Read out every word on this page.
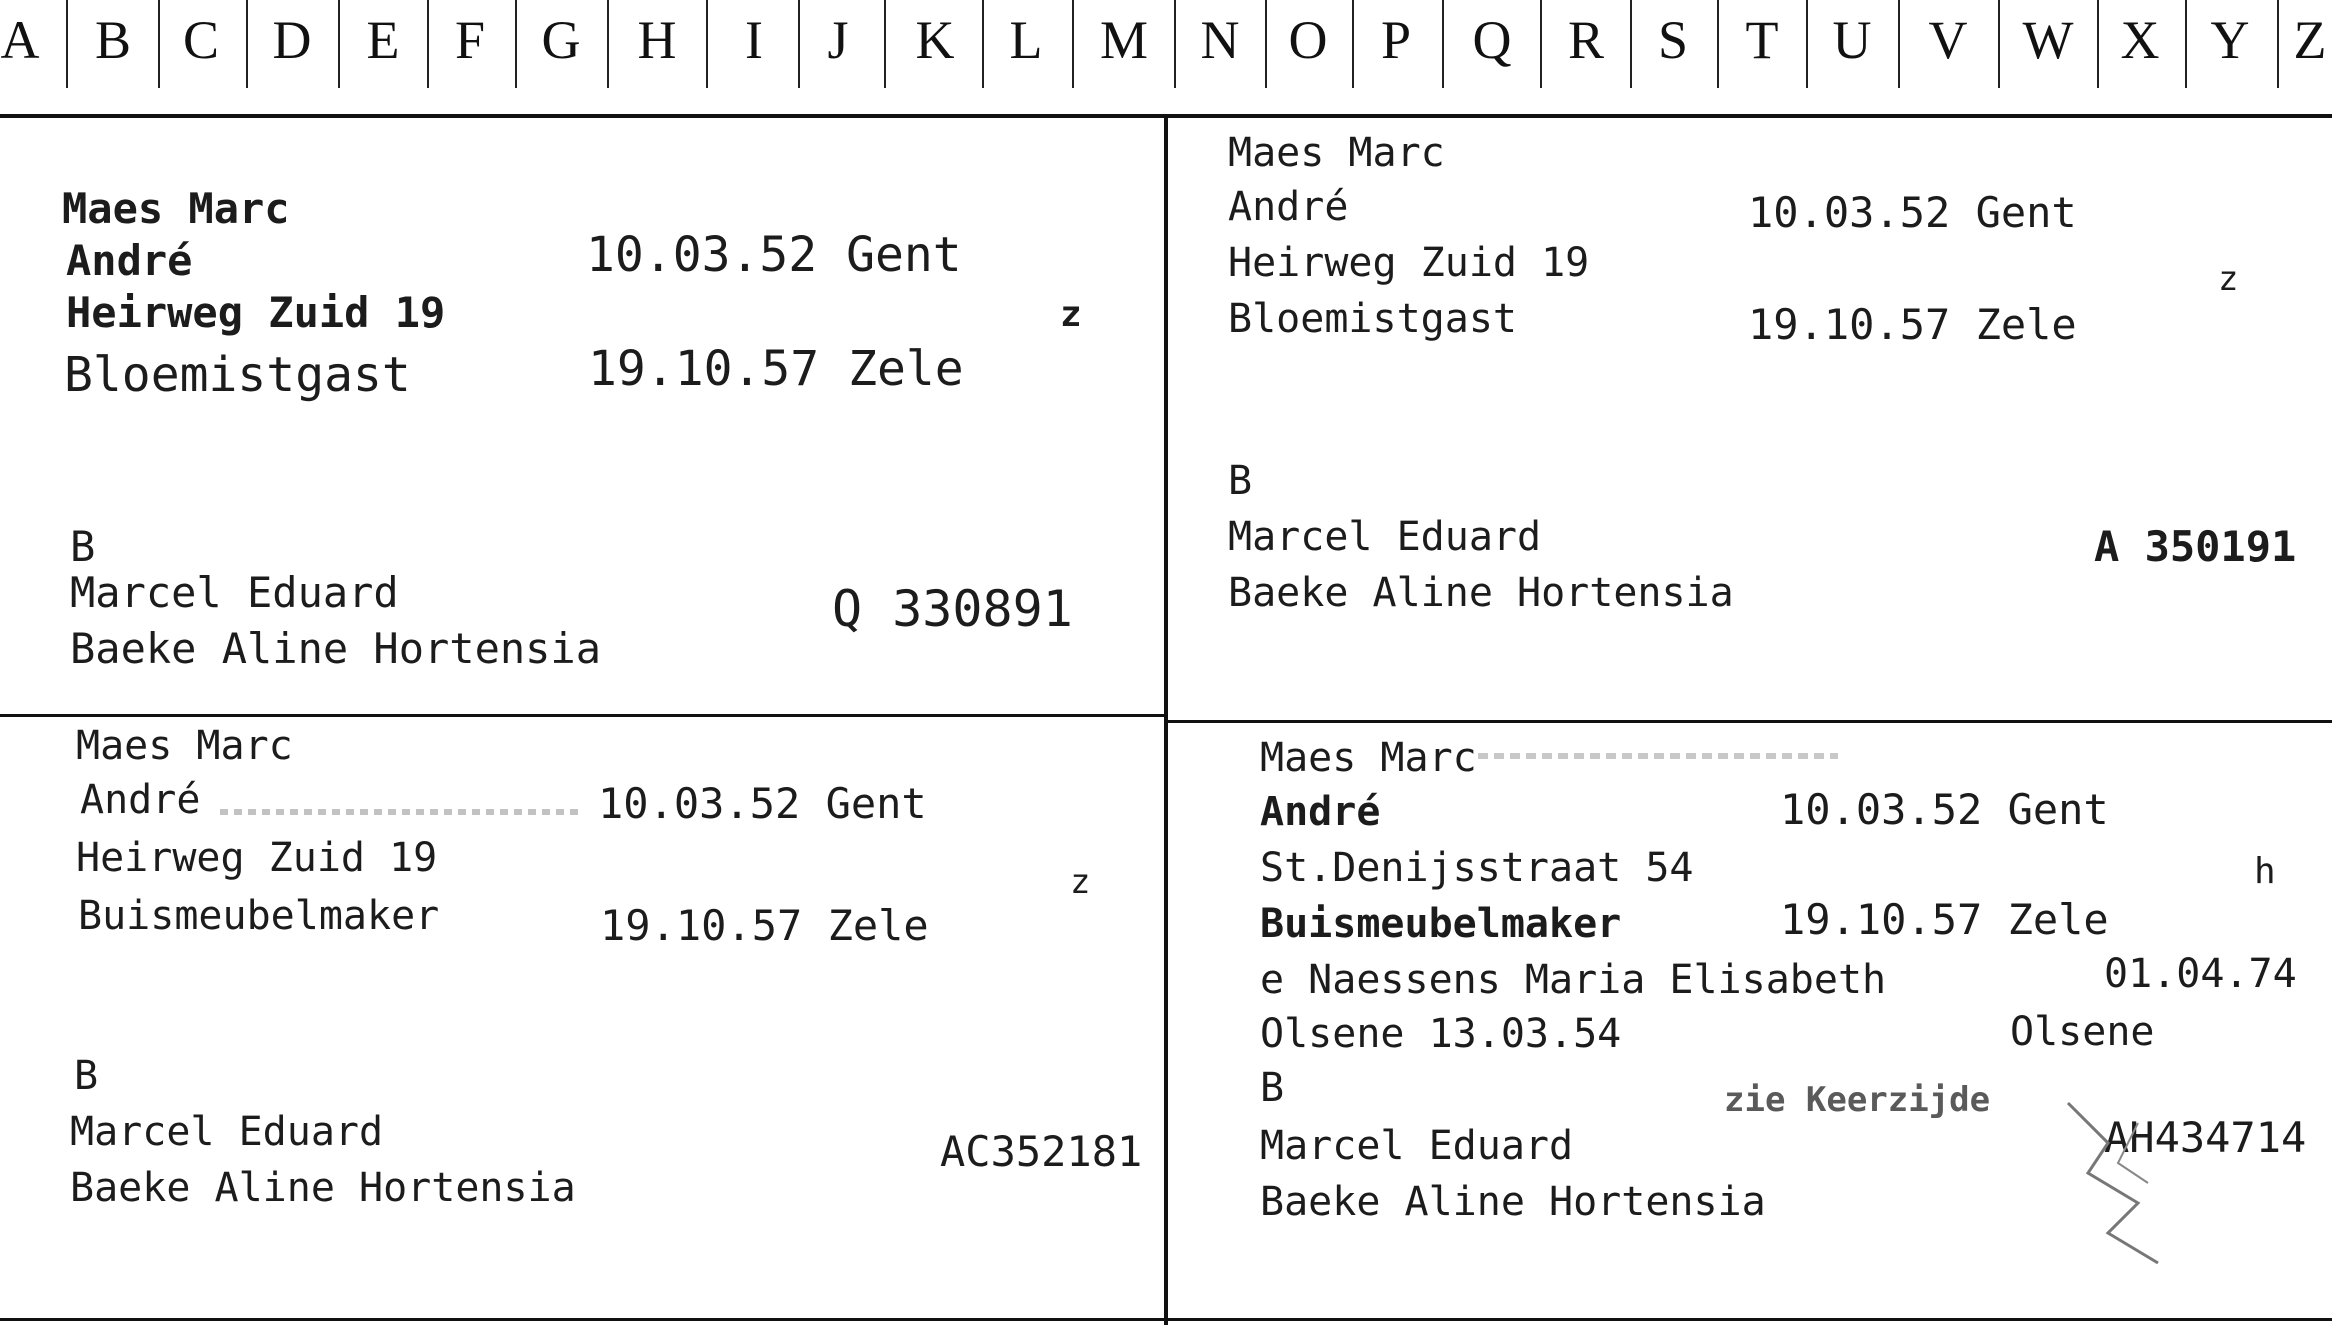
A	B C D	E	F	G	H	I	J	K	L	M N O P	Q	R S	T	U	V	W X Y Z
Maes Marc
André	10.03.52 Gent
Heirweg Zuid 19	z
Bloemistgast	19.10.57 Zele
B
Marcel Eduard
Baeke Aline Hortensia
Q 330891
Maes Marc
André	10.03.52 Gent
Heirweg Zuid 19	z
Bloemistgast	19.10.57 Zele
B
Marcel Eduard
Baeke Aline Hortensia
A 350191
Maes Marc
André	10.03.52 Gent
Heirweg Zuid 19
z
Buismeubelmaker	19.10.57 Zele
B
Marcel Eduard
Baeke Aline Hortensia
AC352181
Maes Marc
André	10.03.52 Gent
St.Denijsstraat 54	h
Buismeubelmaker	19.10.57 Zele
e Naessens Maria Elisabeth	01.04.74
Olsene 13.03.54	Olsene
B	zie Keerzijde
Marcel Eduard
Baeke Aline Hortensia
AH434714
